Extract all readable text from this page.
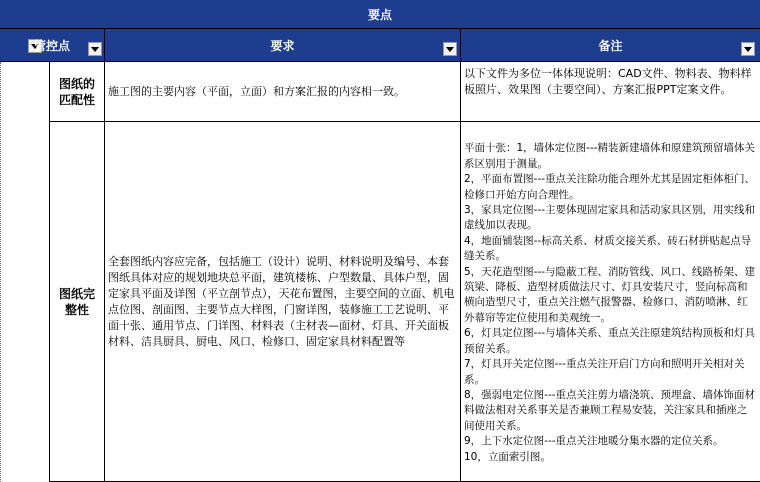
要点
管控点	要求	备注
图纸的匹配性
施工图的主要内容（平面，立面）和方案汇报的内容相一致。
以下文件为多位一体体现说明：CAD文件、物料表、物料样板照片、效果图（主要空间）、方案汇报PPT定案文件。
图纸完整性
全套图纸内容应完备，包括施工（设计）说明、材料说明及编号、本套图纸具体对应的规划地块总平面，建筑楼栋、户型数量、具体户型，固定家具平面及详图（平立剖节点），天花布置图，主要空间的立面、机电点位图、剖面图、主要节点大样图，门窗详图，装修施工工艺说明、平面十张、通用节点、门详图、材料表（主材表—面材、灯具、开关面板材料、洁具厨具、厨电、风口、检修口、固定家具材料配置等

平面十张：1，墙体定位图---精装新建墙体和原建筑预留墙体关系区别用于测量。
2，平面布置图---重点关注除功能合理外尤其是固定柜体柜门、检修口开始方向合理性。
3，家具定位图---主要体现固定家具和活动家具区别，用实线和虚线加以表现。
4，地面铺装图--标高关系、材质交接关系、砖石材拼贴起点导缝关系。
5，天花造型图---与隐蔽工程、消防管线、风口、线路桥架、建筑梁、降板、造型材质做法尺寸、灯具安装尺寸，竖向标高和横向造型尺寸，重点关注燃气报警器、检修口、消防喷淋、红外幕帘等定位使用和美观统一。
6，灯具定位图---与墙体关系、重点关注原建筑结构顶板和灯具预留关系。
7，灯具开关定位图---重点关注开启门方向和照明开关相对关系。
8，强弱电定位图---重点关注剪力墙浇筑、预埋盒、墙体饰面材料做法相对关系事关是否兼顾工程易安装，关注家具和插座之间使用关系。
9，上下水定位图---重点关注地暖分集水器的定位关系。
10，立面索引图。
